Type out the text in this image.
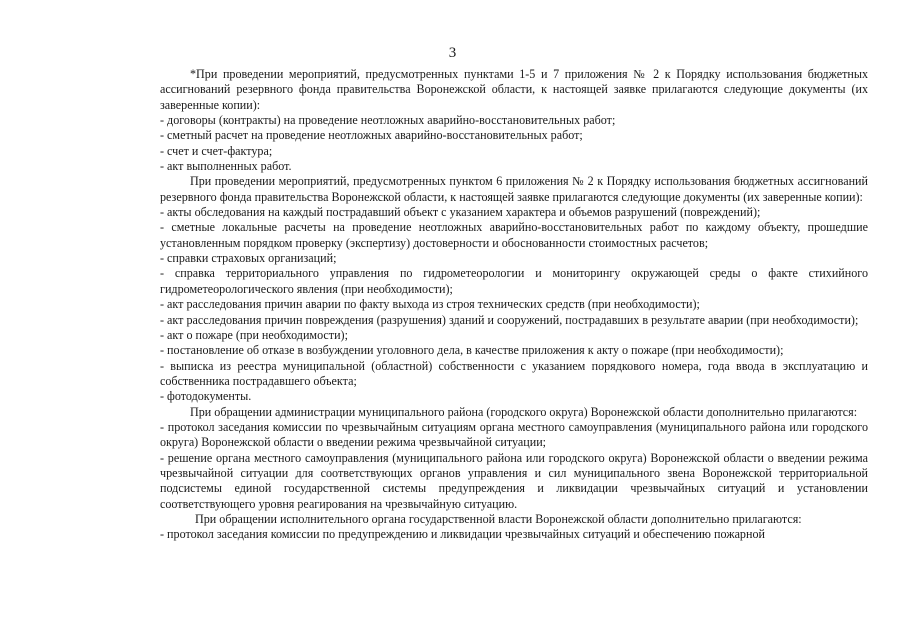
3

*При проведении мероприятий, предусмотренных пунктами 1-5 и 7 приложения № 2 к Порядку использования бюджетных ассигнований резервного фонда правительства Воронежской области, к настоящей заявке прилагаются следующие документы (их заверенные копии):

- договоры (контракты) на проведение неотложных аварийно-восстановительных работ;

- сметный расчет на проведение неотложных аварийно-восстановительных работ;

- счет и счет-фактура;

- акт выполненных работ.

При проведении мероприятий, предусмотренных пунктом 6 приложения № 2 к Порядку использования бюджетных ассигнований резервного фонда правительства Воронежской области, к настоящей заявке прилагаются следующие документы (их заверенные копии):

- акты обследования на каждый пострадавший объект с указанием характера и объемов разрушений (повреждений);

- сметные локальные расчеты на проведение неотложных аварийно-восстановительных работ по каждому объекту, прошедшие установленным порядком проверку (экспертизу) достоверности и обоснованности стоимостных расчетов;

- справки страховых организаций;

- справка территориального управления по гидрометеорологии и мониторингу окружающей среды о факте стихийного гидрометеорологического явления (при необходимости);

- акт расследования причин аварии по факту выхода из строя технических средств (при необходимости);

- акт расследования причин повреждения (разрушения) зданий и сооружений, пострадавших в результате аварии (при необходимости);

- акт о пожаре (при необходимости);

- постановление об отказе в возбуждении уголовного дела, в качестве приложения к акту о пожаре (при необходимости);

- выписка из реестра муниципальной (областной) собственности с указанием порядкового номера, года ввода в эксплуатацию и собственника пострадавшего объекта;

- фотодокументы.

При обращении администрации муниципального района (городского округа) Воронежской области дополнительно прилагаются:

- протокол заседания комиссии по чрезвычайным ситуациям органа местного самоуправления (муниципального района или городского округа) Воронежской области о введении режима чрезвычайной ситуации;

- решение органа местного самоуправления (муниципального района или городского округа) Воронежской области о введении режима чрезвычайной ситуации для соответствующих органов управления и сил муниципального звена Воронежской территориальной подсистемы единой государственной системы предупреждения и ликвидации чрезвычайных ситуаций и установлении соответствующего уровня реагирования на чрезвычайную ситуацию.

При обращении исполнительного органа государственной власти Воронежской области дополнительно прилагаются:

- протокол заседания комиссии по предупреждению и ликвидации чрезвычайных ситуаций и обеспечению пожарной
